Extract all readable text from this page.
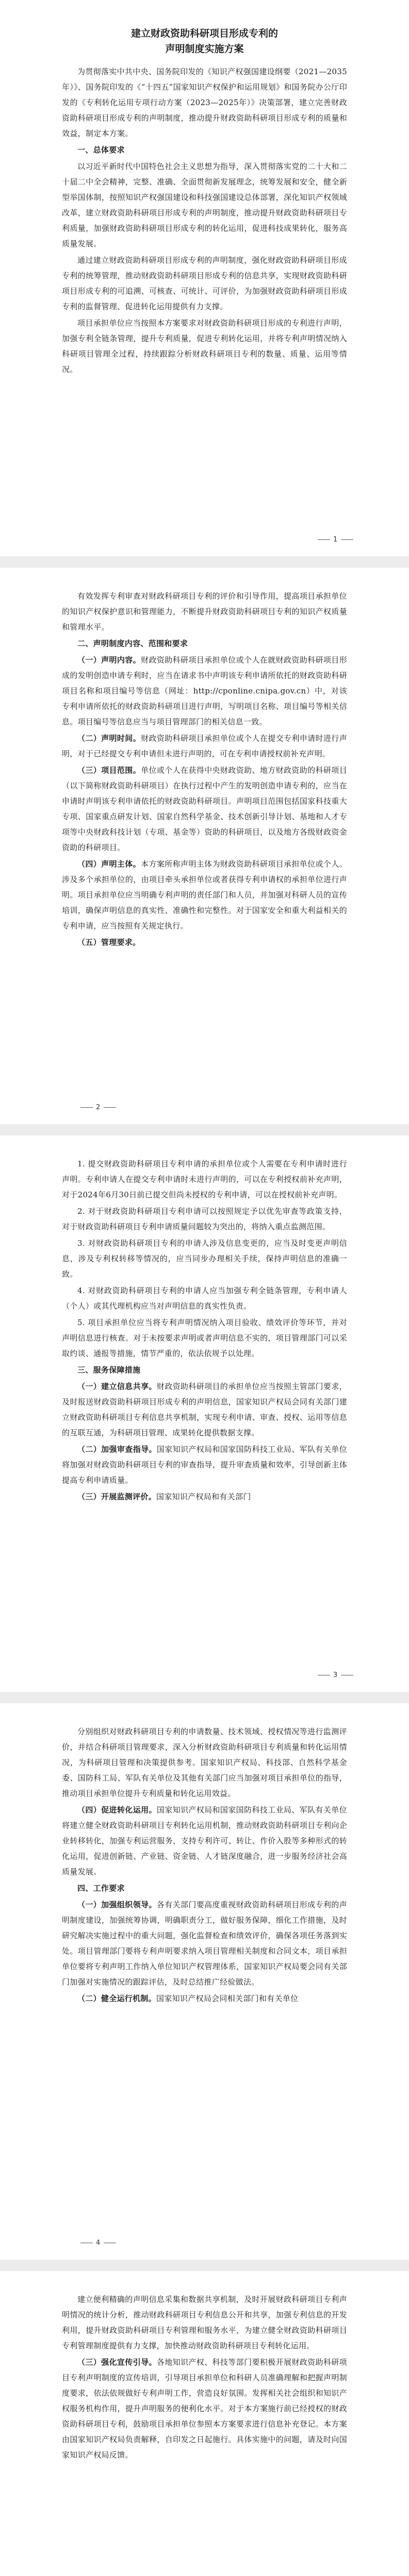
建立财政资助科研项目形成专利的
声明制度实施方案

为贯彻落实中共中央、国务院印发的《知识产权强国建设纲要（2021—2035年）》、国务院印发的《“十四五”国家知识产权保护和运用规划》和国务院办公厅印发的《专利转化运用专项行动方案（2023—2025年）》决策部署，建立完善财政资助科研项目形成专利的声明制度，推动提升财政资助科研项目形成专利的质量和效益，制定本方案。

一、总体要求

以习近平新时代中国特色社会主义思想为指导，深入贯彻落实党的二十大和二十届二中全会精神，完整、准确、全面贯彻新发展理念，统筹发展和安全，健全新型举国体制，按照知识产权强国建设和科技强国建设总体部署，深化知识产权领域改革，建立财政资助科研项目形成专利的声明制度，推动提升财政资助科研项目专利质量，加强财政资助科研项目形成专利的转化运用，促进科技成果转化，服务高质量发展。

通过建立财政资助科研项目形成专利的声明制度，强化财政资助科研项目形成专利的统筹管理，推动财政资助科研项目形成专利的信息共享，实现财政资助科研项目形成专利的可追溯、可核查、可统计、可评价，为加强财政资助科研项目形成专利的监督管理、促进转化运用提供有力支撑。

项目承担单位应当按照本方案要求对财政资助科研项目形成的专利进行声明，加强专利全链条管理，提升专利质量，促进专利转化运用，并将专利声明情况纳入科研项目管理全过程，持续跟踪分析财政科研项目专利的数量、质量、运用等情况。

1

有效发挥专利审查对财政科研项目专利的评价和引导作用，提高项目承担单位的知识产权保护意识和管理能力，不断提升财政资助科研项目专利的知识产权质量和管理水平。

二、声明制度内容、范围和要求

（一）声明内容。财政资助科研项目承担单位或个人在就财政资助科研项目形成的发明创造申请专利时，应当在请求书中声明该专利申请所依托的财政资助科研项目名称和项目编号等信息（网址：http://cponline.cnipa.gov.cn）中，对该专利申请所依托的财政资助科研项目进行声明，写明项目名称、项目编号等相关信息。项目编号等信息应当与项目管理部门的相关信息一致。

（二）声明时间。财政资助科研项目承担单位或个人在提交专利申请时进行声明，对于已经提交专利申请但未进行声明的，可在专利申请授权前补充声明。

（三）项目范围。单位或个人在获得中央财政资助、地方财政资助的科研项目（以下简称财政资助科研项目）在执行过程中产生的发明创造申请专利的，应当在申请时声明该专利申请依托的财政资助科研项目。声明项目范围包括国家科技重大专项、国家重点研发计划、国家自然科学基金、技术创新引导计划、基地和人才专项等中央财政科技计划（专项、基金等）资助的科研项目，以及地方各级财政资金资助的科研项目。

（四）声明主体。本方案所称声明主体为财政资助科研项目承担单位或个人。涉及多个承担单位的，由项目牵头承担单位或者获得专利申请权的承担单位进行声明。项目承担单位应当明确专利声明的责任部门和人员，并加强对科研人员的宣传培训，确保声明信息的真实性、准确性和完整性。对于国家安全和重大利益相关的专利申请，应当按照有关规定执行。

（五）管理要求。

2

1. 提交财政资助科研项目专利申请的承担单位或个人需要在专利申请时进行声明。专利申请人在提交专利申请时未进行声明的，可以在专利授权前补充声明，对于2024年6月30日前已提交但尚未授权的专利申请，可以在授权前补充声明。

2. 对于财政资助科研项目专利申请可以按照规定予以优先审查等政策支持，对于财政资助科研项目专利申请质量问题较为突出的，将纳入重点监测范围。

3. 对财政资助科研项目专利的申请人涉及信息变更的，应当及时变更声明信息，涉及专利权转移等情况的，应当同步办理相关手续，保持声明信息的准确一致。

4. 对财政资助科研项目专利的申请人应当加强专利全链条管理，专利申请人（个人）或其代理机构应当对声明信息的真实性负责。

5. 项目承担单位应当将专利声明情况纳入项目验收、绩效评价等环节，并对声明信息进行核查。对于未按要求声明或者声明信息不实的，项目管理部门可以采取约谈、通报等措施，情节严重的，依法依规予以处理。

三、服务保障措施

（一）建立信息共享。财政资助科研项目的承担单位应当按照主管部门要求，及时报送财政资助科研项目形成专利的声明信息，国家知识产权局会同有关部门建立财政资助科研项目专利信息共享机制，实现专利申请、审查、授权、运用等信息的互联互通，为科研项目管理、成果转化提供数据支撑。

（二）加强审查指导。国家知识产权局和国家国防科技工业局、军队有关单位将加强对财政资助科研项目专利的审查指导，提升审查质量和效率，引导创新主体提高专利申请质量。

（三）开展监测评价。国家知识产权局和有关部门

3

分别组织对财政科研项目专利的申请数量、技术领域、授权情况等进行监测评价，并结合科研项目管理要求，深入分析财政资助科研项目专利质量和转化运用情况，为科研项目管理和决策提供参考。国家知识产权局、科技部、自然科学基金委、国防科工局、军队有关单位及其他有关部门应当加强对项目承担单位的指导，推动项目承担单位提升专利质量和转化运用效益。

（四）促进转化运用。国家知识产权局和国家国防科技工业局、军队有关单位将建立健全财政资助科研项目专利转化运用机制，推动财政资助科研项目专利向企业转移转化，加强专利运营服务，支持专利许可、转让、作价入股等多种形式的转化运用，促进创新链、产业链、资金链、人才链深度融合，进一步服务经济社会高质量发展。

四、工作要求

（一）加强组织领导。各有关部门要高度重视财政资助科研项目形成专利的声明制度建设，加强统筹协调，明确职责分工，做好服务保障，细化工作措施，及时研究解决实施过程中的重大问题，强化监督检查和绩效评价，确保各项任务落到实处。项目管理部门要将专利声明要求纳入项目管理相关制度和合同文本，项目承担单位要将专利声明工作纳入单位知识产权管理体系，国家知识产权局要会同有关部门加强对实施情况的跟踪评估，及时总结推广经验做法。

（二）健全运行机制。国家知识产权局会同相关部门和有关单位

4

建立便利精确的声明信息采集和数据共享机制，及时开展财政科研项目专利声明情况的统计分析，推动财政科研项目专利信息公开和共享，加强专利信息的开发利用，提升财政资助科研项目专利管理和服务水平，为建立健全财政资助科研项目专利管理制度提供有力支撑，加快推动财政资助科研项目专利转化运用。

（三）强化宣传引导。各地知识产权、科技等部门要积极开展财政资助科研项目专利声明制度的宣传培训，引导项目承担单位和科研人员准确理解和把握声明制度要求，依法依规做好专利声明工作，营造良好氛围。发挥相关社会组织和知识产权服务机构作用，提升声明服务的便利化水平。对于本方案施行前已经授权的财政资助科研项目专利，鼓励项目承担单位参照本方案要求进行信息补充登记。本方案由国家知识产权局负责解释，自印发之日起施行。具体实施中的问题，请及时向国家知识产权局反馈。
